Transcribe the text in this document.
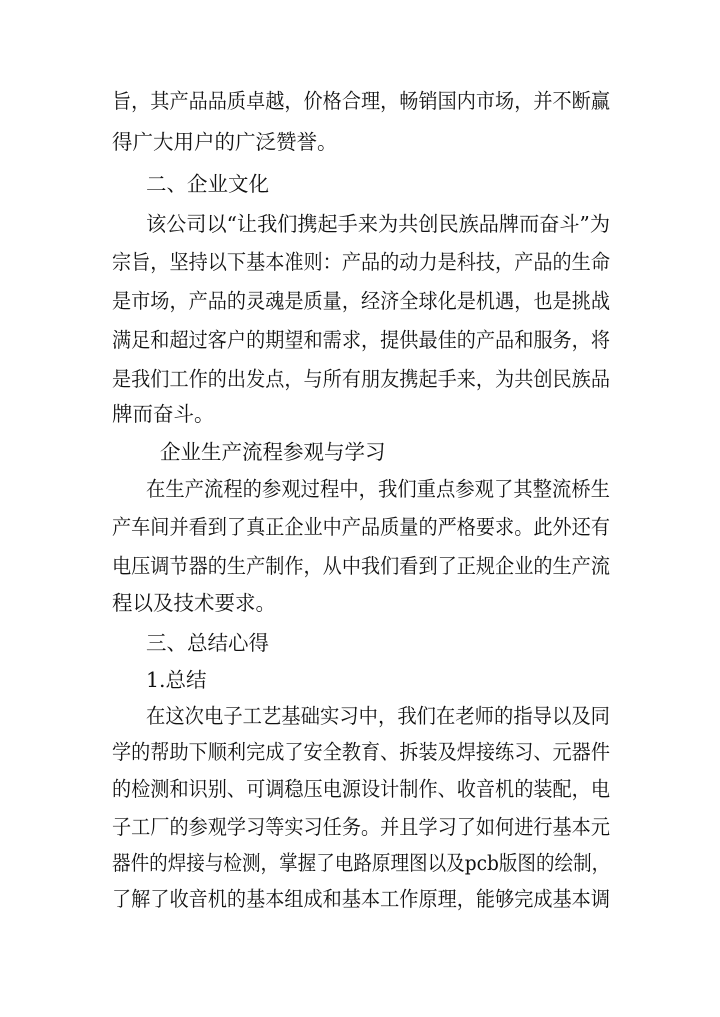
旨，其产品品质卓越，价格合理，畅销国内市场，并不断赢
得广大用户的广泛赞誉。
二、企业文化
该公司以“让我们携起手来为共创民族品牌而奋斗”为
宗旨，坚持以下基本准则：产品的动力是科技，产品的生命
是市场，产品的灵魂是质量，经济全球化是机遇，也是挑战
满足和超过客户的期望和需求，提供最佳的产品和服务，将
是我们工作的出发点，与所有朋友携起手来，为共创民族品
牌而奋斗。
企业生产流程参观与学习
在生产流程的参观过程中，我们重点参观了其整流桥生
产车间并看到了真正企业中产品质量的严格要求。此外还有
电压调节器的生产制作，从中我们看到了正规企业的生产流
程以及技术要求。
三、总结心得
1.总结
在这次电子工艺基础实习中，我们在老师的指导以及同
学的帮助下顺利完成了安全教育、拆装及焊接练习、元器件
的检测和识别、可调稳压电源设计制作、收音机的装配，电
子工厂的参观学习等实习任务。并且学习了如何进行基本元
器件的焊接与检测，掌握了电路原理图以及pcb版图的绘制，
了解了收音机的基本组成和基本工作原理，能够完成基本调
